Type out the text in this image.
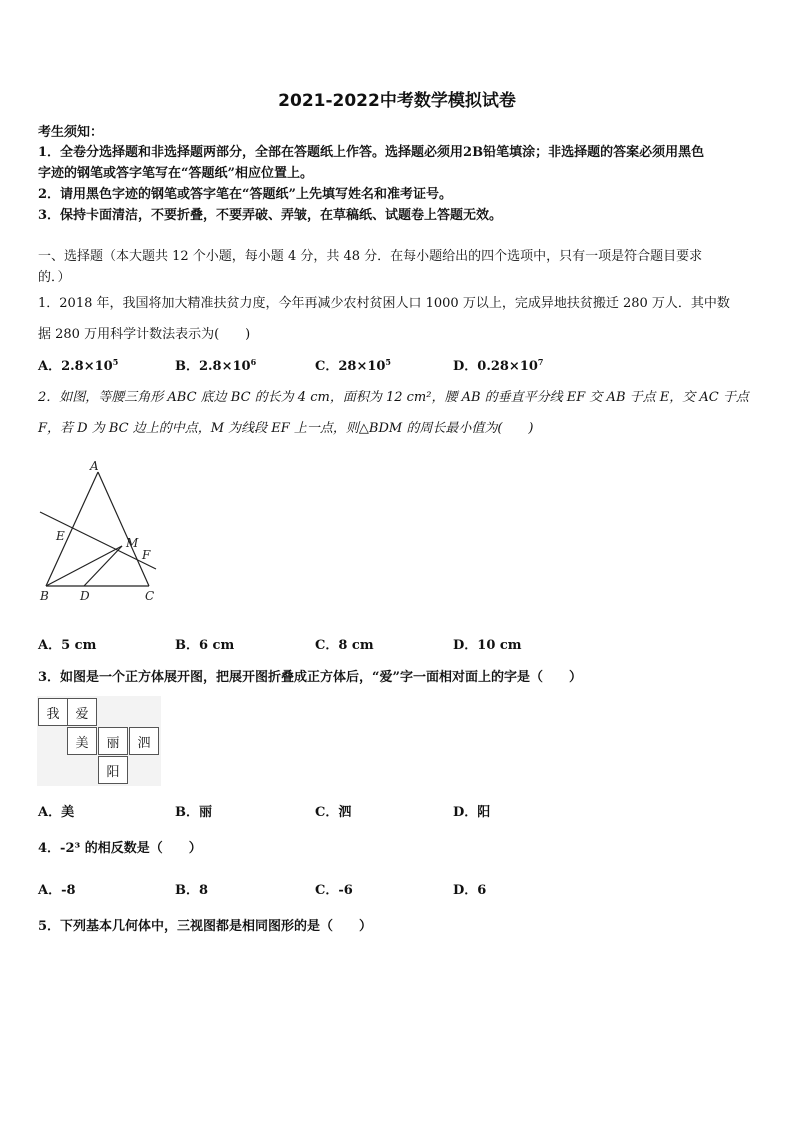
2021-2022中考数学模拟试卷
考生须知：
1．全卷分选择题和非选择题两部分，全部在答题纸上作答。选择题必须用2B铅笔填涂；非选择题的答案必须用黑色
字迹的钢笔或答字笔写在“答题纸”相应位置上。
2．请用黑色字迹的钢笔或答字笔在“答题纸”上先填写姓名和准考证号。
3．保持卡面清洁，不要折叠，不要弄破、弄皱，在草稿纸、试题卷上答题无效。
一、选择题（本大题共 12 个小题，每小题 4 分，共 48 分．在每小题给出的四个选项中，只有一项是符合题目要求
的．）
1．2018 年，我国将加大精准扶贫力度，今年再减少农村贫困人口 1000 万以上，完成异地扶贫搬迁 280 万人．其中数
据 280 万用科学计数法表示为(　　)
A．$2.8\times 10^5$	B．$2.8\times 10^6$	C．$28\times 10^5$	D．$0.28\times 10^7$
2．如图，等腰三角形 ABC 底边 BC 的长为 4 cm，面积为 12 cm²，腰 AB 的垂直平分线 EF 交 AB 于点 E，交 AC 于点
F，若 D 为 BC 边上的中点，M 为线段 EF 上一点，则△BDM 的周长最小值为(　　)
A
E	M
F
B	D	C
A．5 cm	B．6 cm	C．8 cm	D．10 cm
3．如图是一个正方体展开图，把展开图折叠成正方体后，“爱”字一面相对面上的字是（　　）
我	爱
美	丽	泗
阳
A．美	B．丽	C．泗	D．阳
4．-2³ 的相反数是（　　）
A．-8	B．8	C．-6	D．6
5．下列基本几何体中，三视图都是相同图形的是（　　）
